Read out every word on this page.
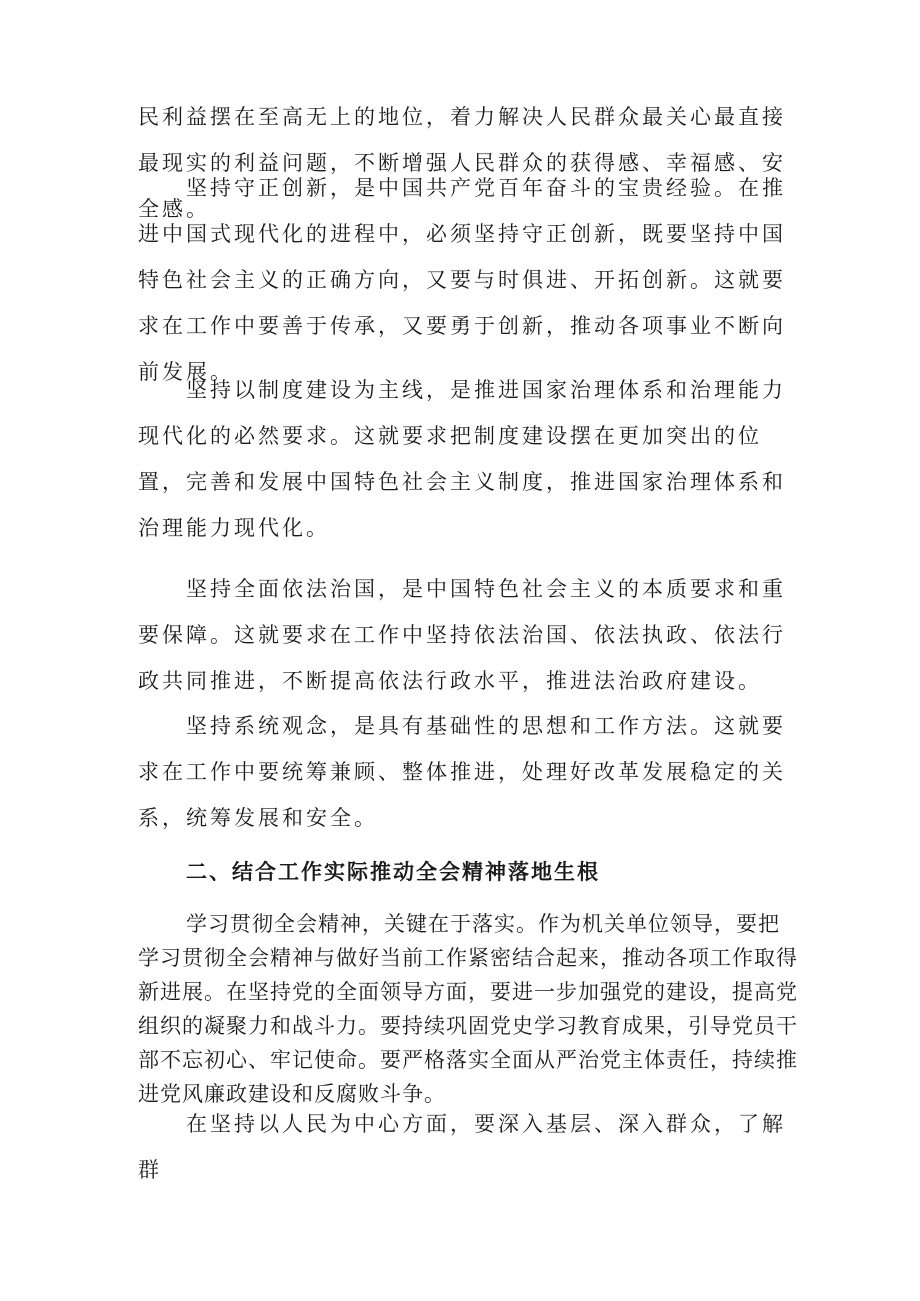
民利益摆在至高无上的地位，着力解决人民群众最关心最直接最现实的利益问题，不断增强人民群众的获得感、幸福感、安全感。

坚持守正创新，是中国共产党百年奋斗的宝贵经验。在推进中国式现代化的进程中，必须坚持守正创新，既要坚持中国特色社会主义的正确方向，又要与时俱进、开拓创新。这就要求在工作中要善于传承，又要勇于创新，推动各项事业不断向前发展。

坚持以制度建设为主线，是推进国家治理体系和治理能力现代化的必然要求。这就要求把制度建设摆在更加突出的位置，完善和发展中国特色社会主义制度，推进国家治理体系和治理能力现代化。

坚持全面依法治国，是中国特色社会主义的本质要求和重要保障。这就要求在工作中坚持依法治国、依法执政、依法行政共同推进，不断提高依法行政水平，推进法治政府建设。

坚持系统观念，是具有基础性的思想和工作方法。这就要求在工作中要统筹兼顾、整体推进，处理好改革发展稳定的关系，统筹发展和安全。

二、结合工作实际推动全会精神落地生根

学习贯彻全会精神，关键在于落实。作为机关单位领导，要把学习贯彻全会精神与做好当前工作紧密结合起来，推动各项工作取得新进展。在坚持党的全面领导方面，要进一步加强党的建设，提高党组织的凝聚力和战斗力。要持续巩固党史学习教育成果，引导党员干部不忘初心、牢记使命。要严格落实全面从严治党主体责任，持续推进党风廉政建设和反腐败斗争。

在坚持以人民为中心方面，要深入基层、深入群众，了解群
